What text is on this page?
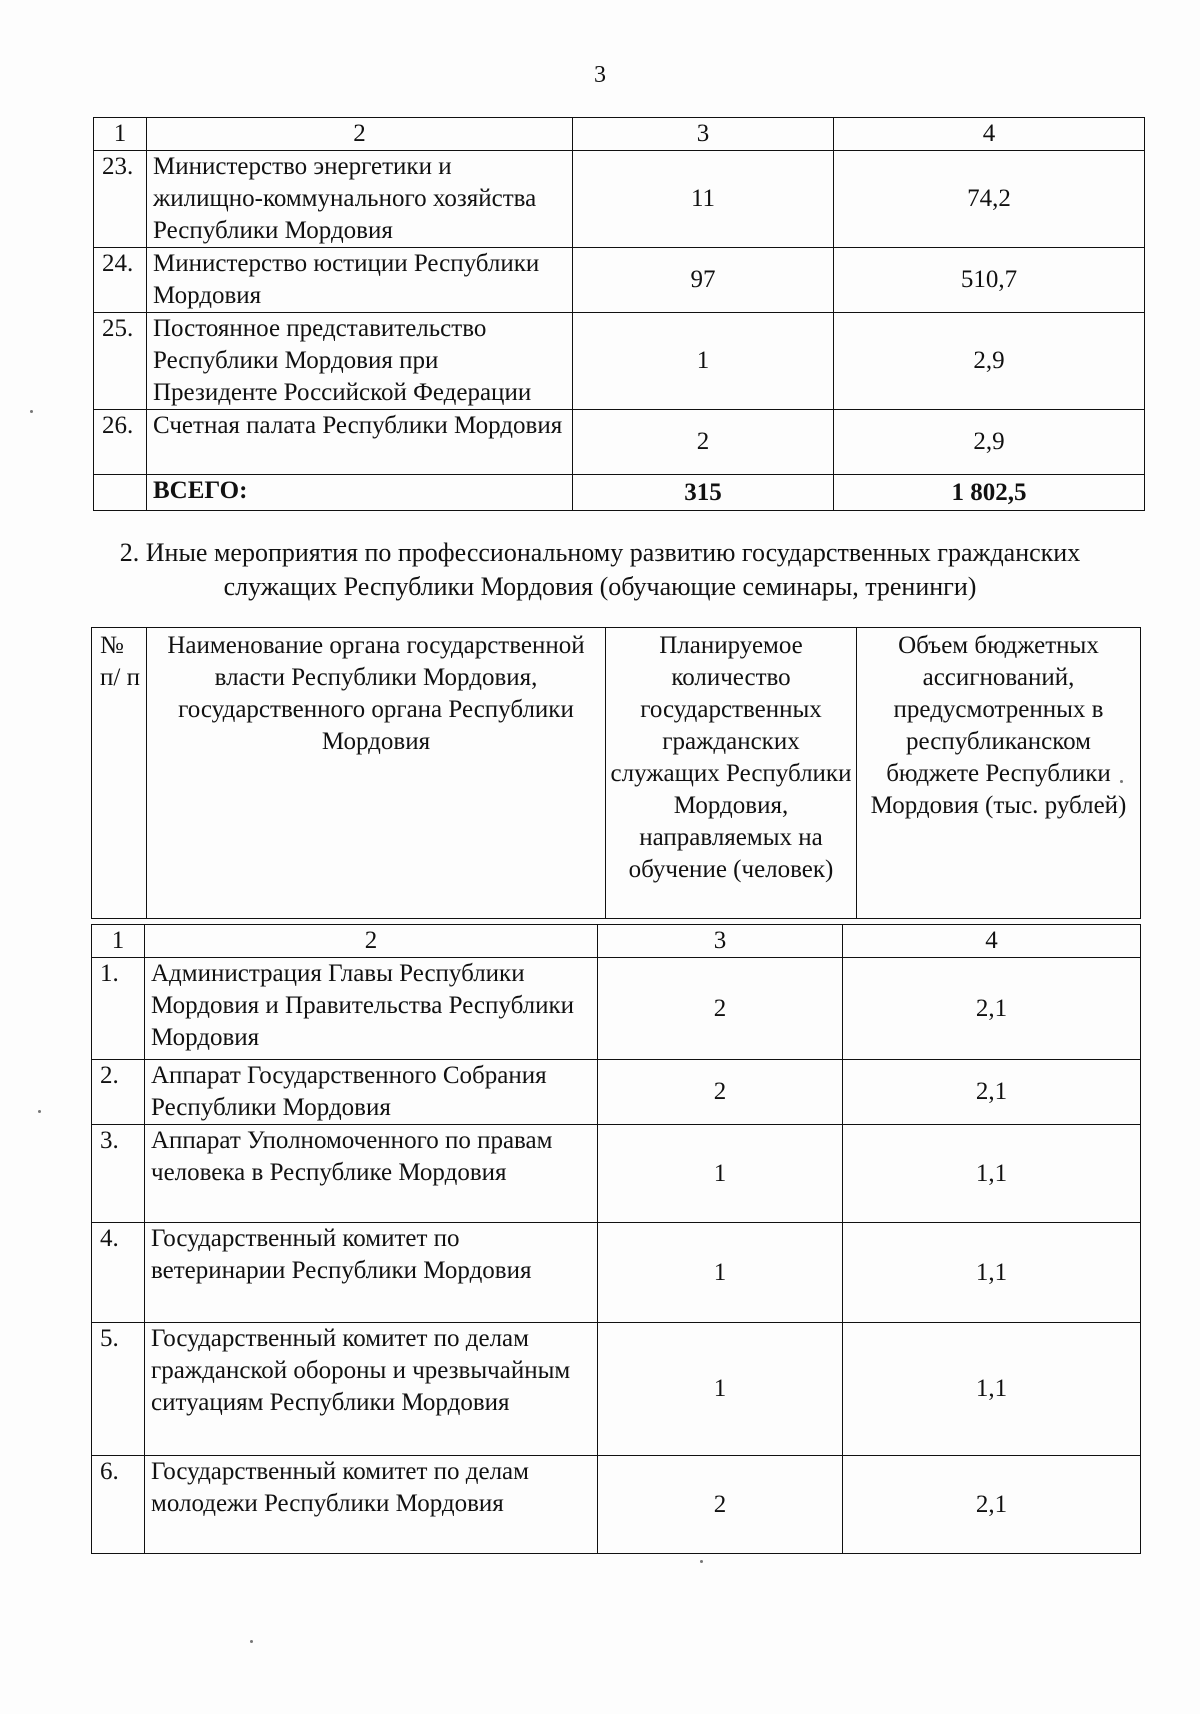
3
1	2	3	4
23.	Министерство энергетики и жилищно-коммунального хозяйства Республики Мордовия	11	74,2
24.	Министерство юстиции Республики Мордовия	97	510,7
25.	Постоянное представительство Республики Мордовия при Президенте Российской Федерации	1	2,9
26.	Счетная палата Республики Мордовия	2	2,9
	ВСЕГО:	315	1 802,5
2. Иные мероприятия по профессиональному развитию государственных гражданских служащих Республики Мордовия (обучающие семинары, тренинги)
№ п/ п	Наименование органа государственной власти Республики Мордовия, государственного органа Республики Мордовия	Планируемое количество государственных гражданских служащих Республики Мордовия, направляемых на обучение (человек)	Объем бюджетных ассигнований, предусмотренных в республиканском бюджете Республики Мордовия (тыс. рублей)
1	2	3	4
1.	Администрация Главы Республики Мордовия и Правительства Республики Мордовия	2	2,1
2.	Аппарат Государственного Собрания Республики Мордовия	2	2,1
3.	Аппарат Уполномоченного по правам человека в Республике Мордовия	1	1,1
4.	Государственный комитет по ветеринарии Республики Мордовия	1	1,1
5.	Государственный комитет по делам гражданской обороны и чрезвычайным ситуациям Республики Мордовия	1	1,1
6.	Государственный комитет по делам молодежи Республики Мордовия	2	2,1
